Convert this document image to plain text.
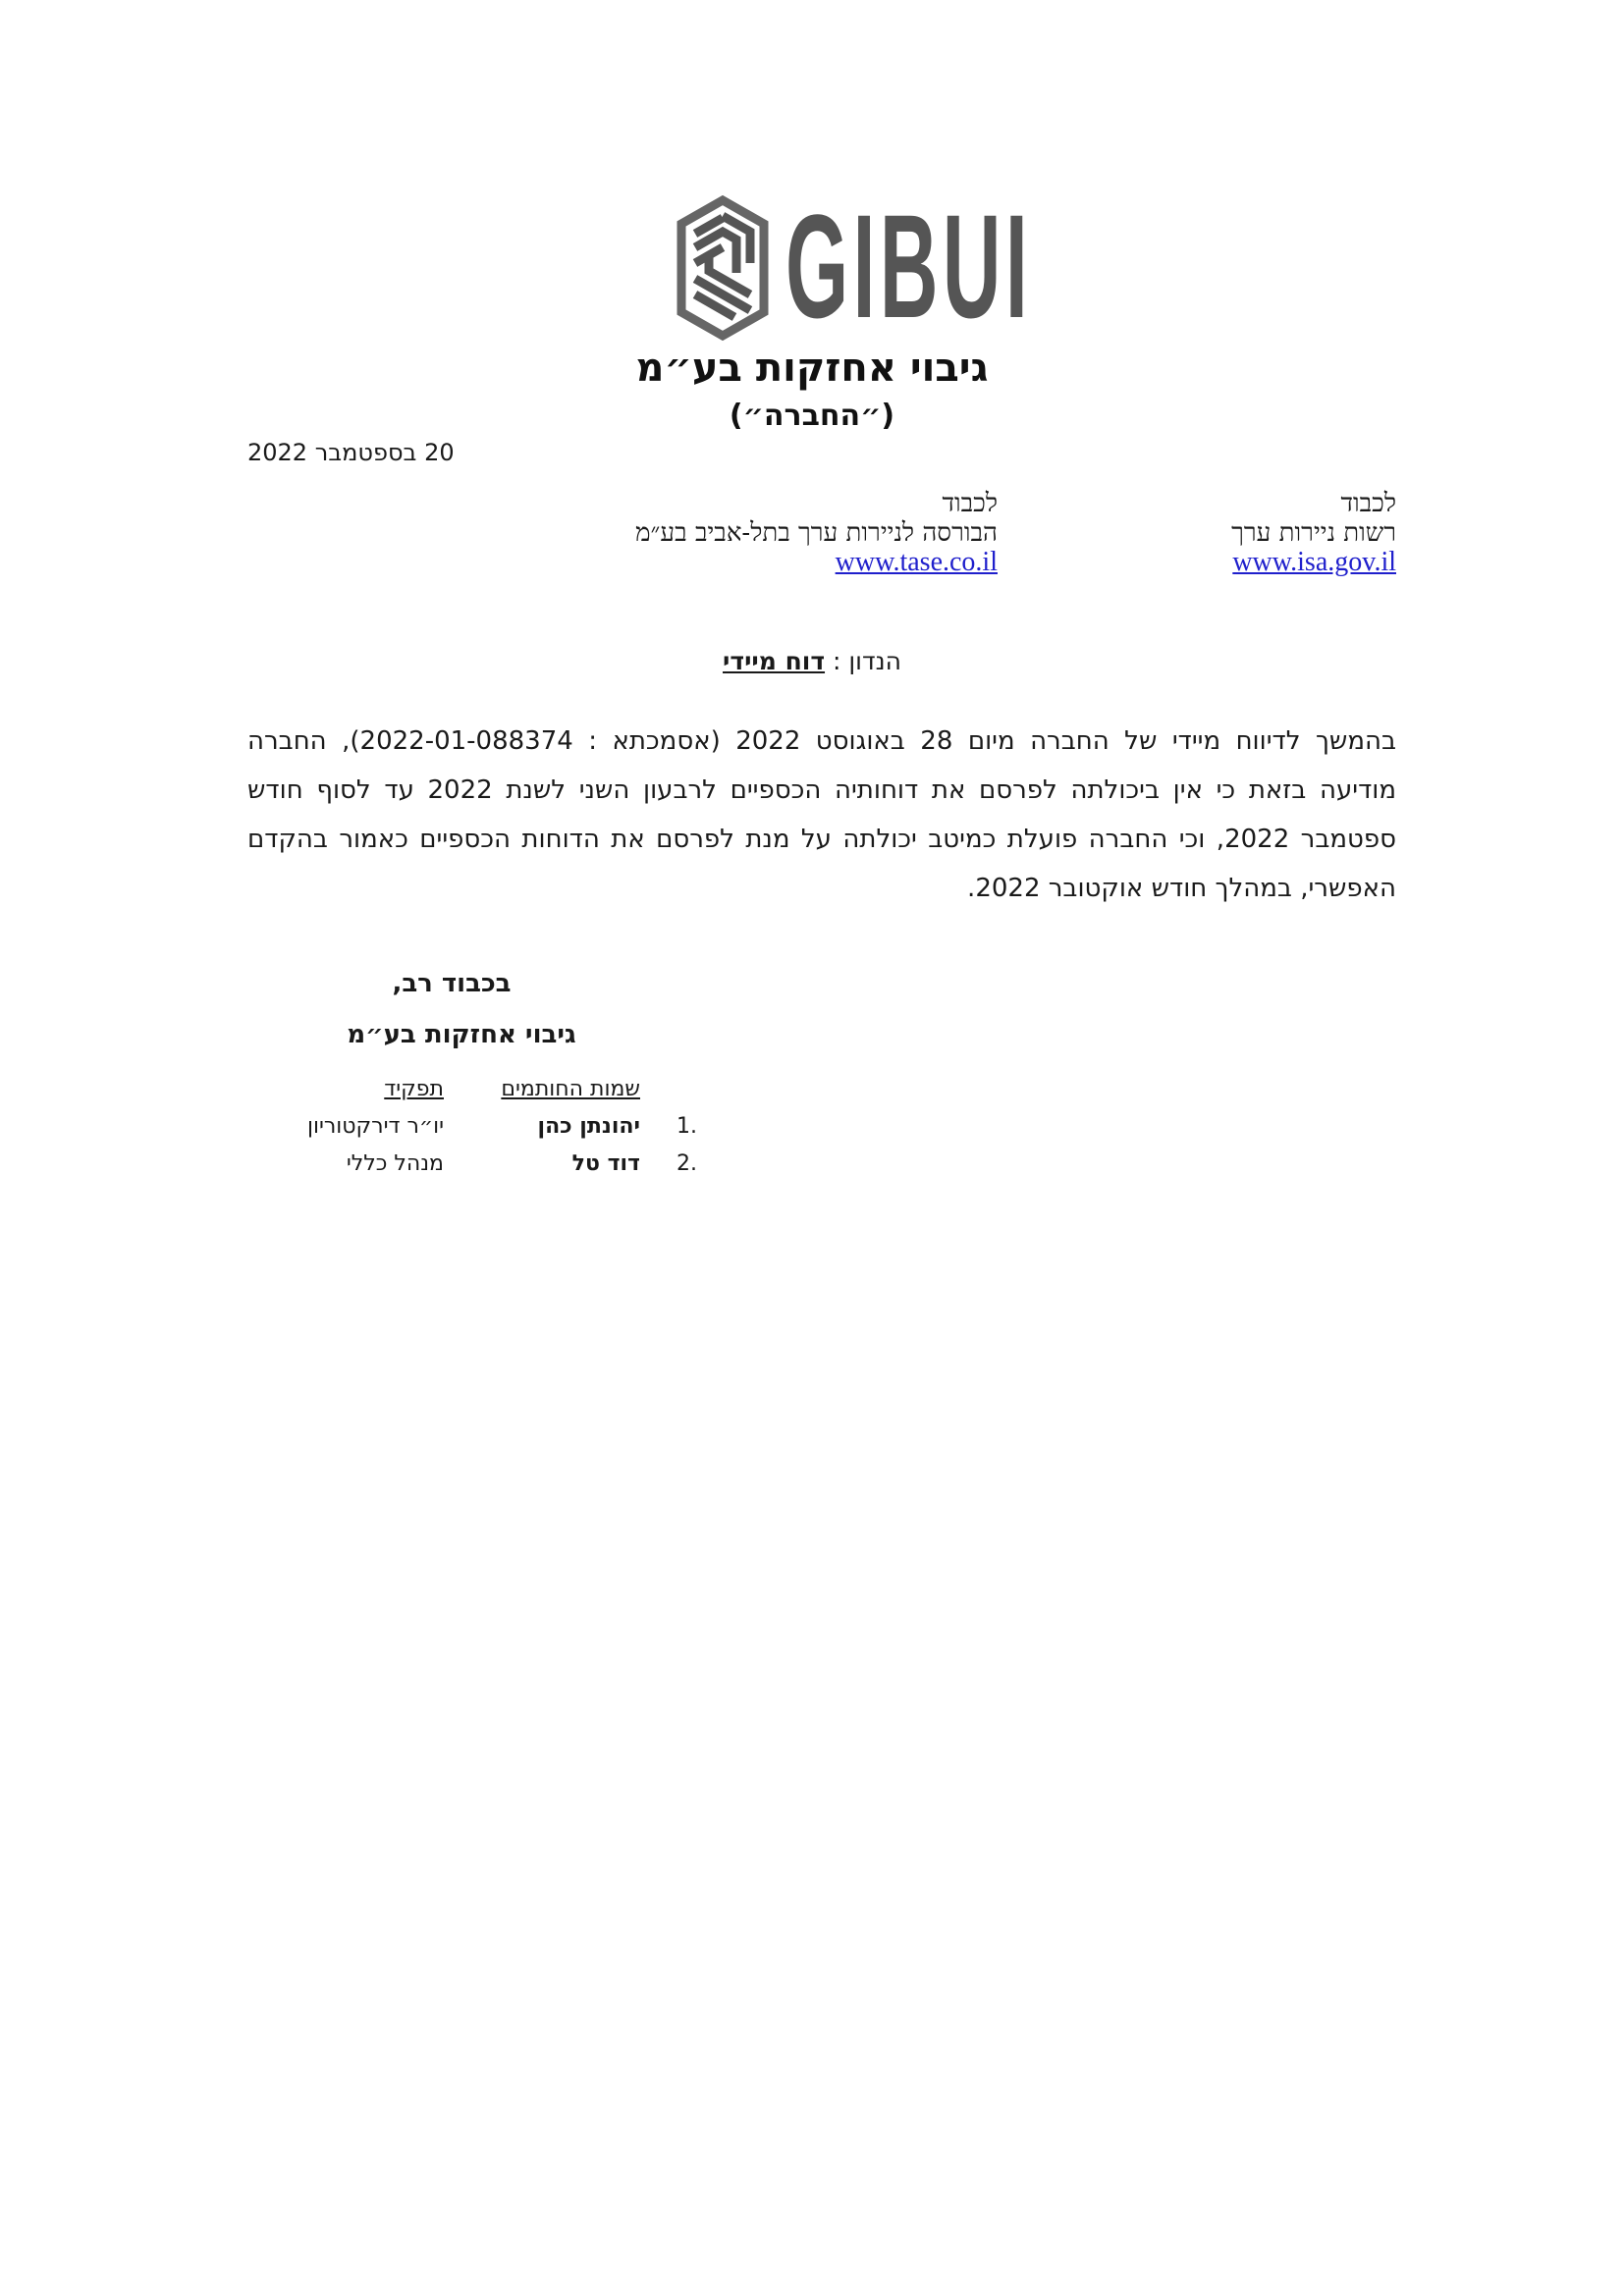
GIBUI
גיבוי אחזקות בע״מ
(״החברה״)
20 בספטמבר 2022
לכבוד
רשות ניירות ערך
www.isa.gov.il
לכבוד
הבורסה לניירות ערך בתל-אביב בע״מ
www.tase.co.il
הנדון : דוח מיידי
בהמשך לדיווח מיידי של החברה מיום 28 באוגוסט 2022 (אסמכתא : 2022-01-088374), החברה מודיעה בזאת כי אין ביכולתה לפרסם את דוחותיה הכספיים לרבעון השני לשנת 2022 עד לסוף חודש ספטמבר 2022, וכי החברה פועלת כמיטב יכולתה על מנת לפרסם את הדוחות הכספיים כאמור בהקדם האפשרי, במהלך חודש אוקטובר 2022.
בכבוד רב,
גיבוי אחזקות בע״מ
שמות החותמים
תפקיד
1.
יהונתן כהן
יו״ר דירקטוריון
2.
דוד טל
מנהל כללי
